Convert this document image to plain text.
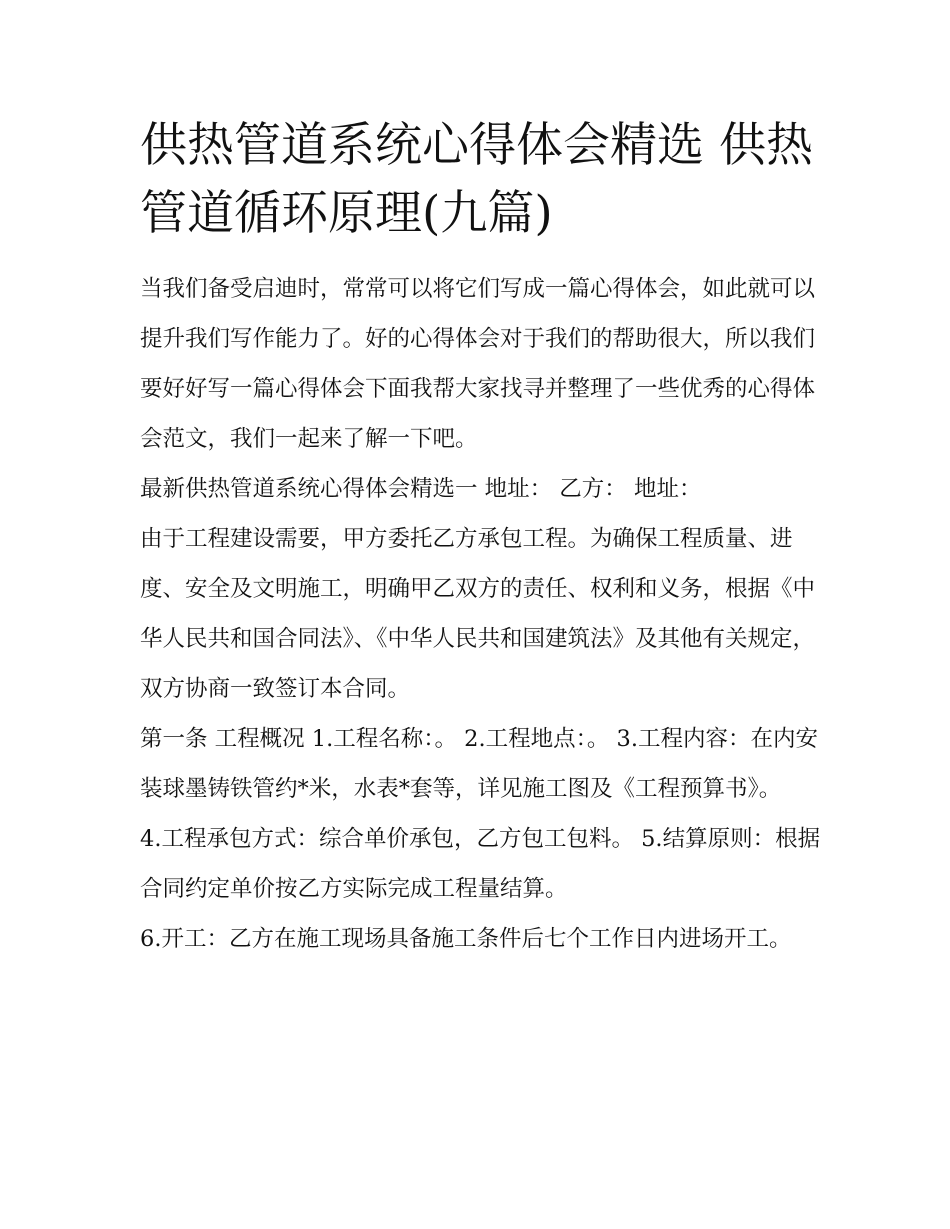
供热管道系统心得体会精选 供热管道循环原理(九篇)

当我们备受启迪时，常常可以将它们写成一篇心得体会，如此就可以提升我们写作能力了。好的心得体会对于我们的帮助很大，所以我们要好好写一篇心得体会下面我帮大家找寻并整理了一些优秀的心得体会范文，我们一起来了解一下吧。

最新供热管道系统心得体会精选一 地址： 乙方： 地址：

由于工程建设需要，甲方委托乙方承包工程。为确保工程质量、进度、安全及文明施工，明确甲乙双方的责任、权利和义务，根据《中华人民共和国合同法》、《中华人民共和国建筑法》及其他有关规定，双方协商一致签订本合同。

第一条 工程概况 1.工程名称：。 2.工程地点：。 3.工程内容：在内安装球墨铸铁管约*米，水表*套等，详见施工图及《工程预算书》。

4.工程承包方式：综合单价承包，乙方包工包料。 5.结算原则：根据合同约定单价按乙方实际完成工程量结算。

6.开工：乙方在施工现场具备施工条件后七个工作日内进场开工。
